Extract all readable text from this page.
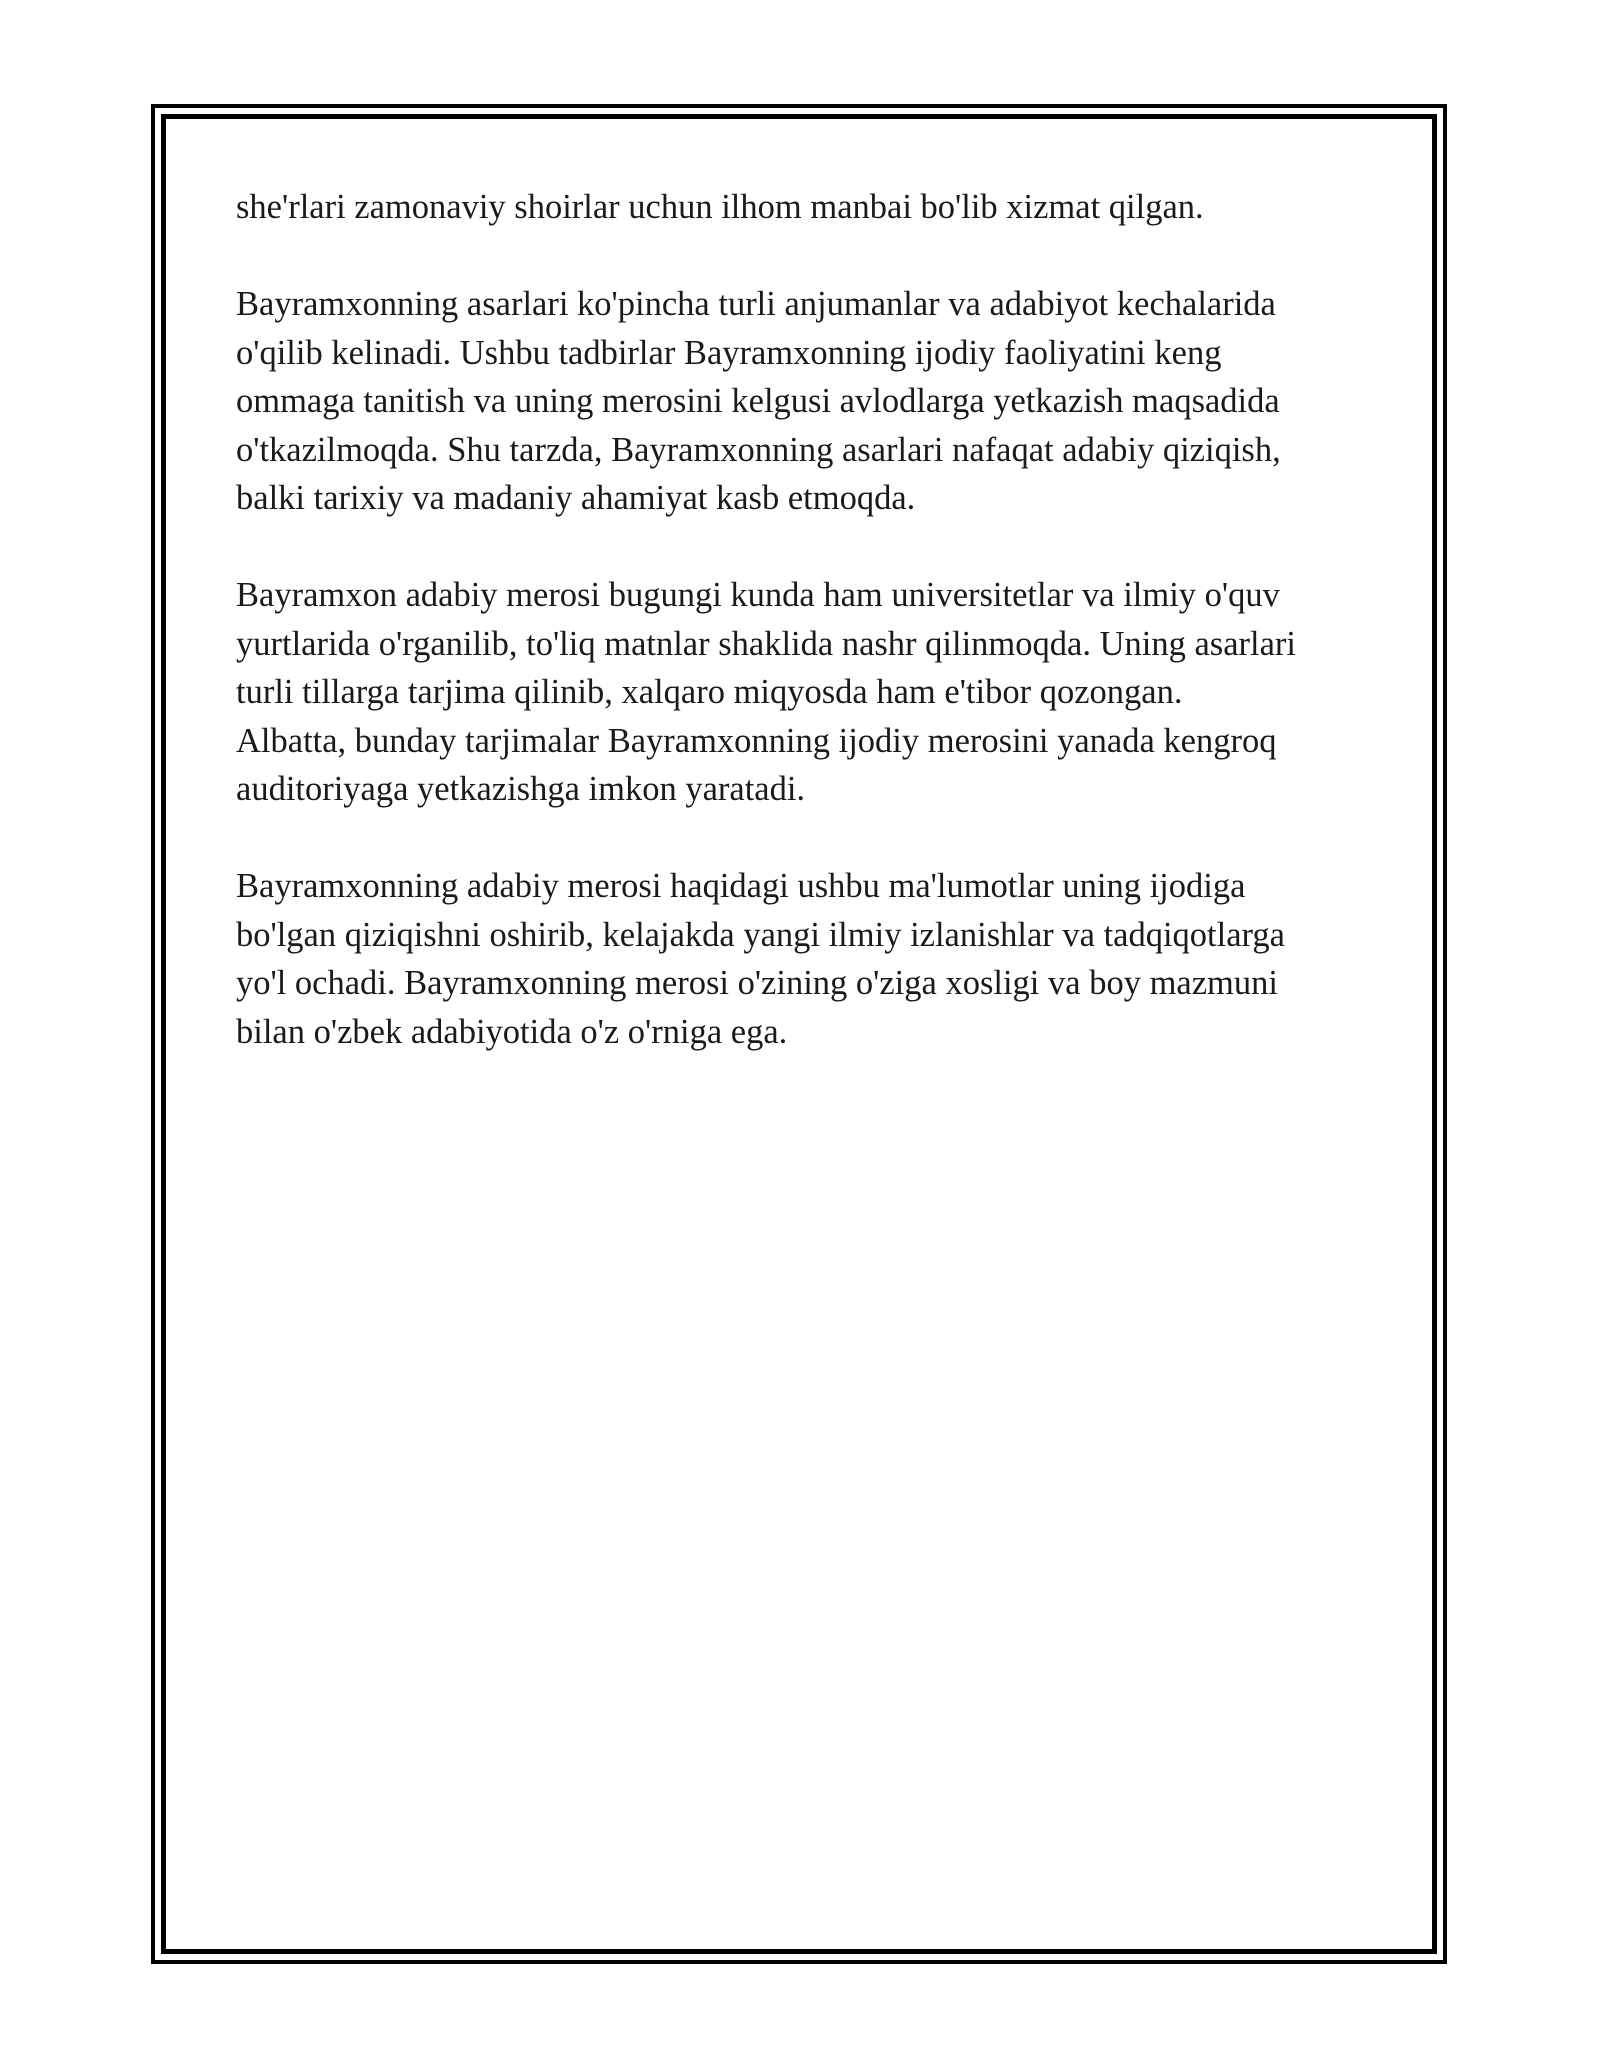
she'rlari zamonaviy shoirlar uchun ilhom manbai bo'lib xizmat qilgan.

Bayramxonning asarlari ko'pincha turli anjumanlar va adabiyot kechalarida
o'qilib kelinadi. Ushbu tadbirlar Bayramxonning ijodiy faoliyatini keng
ommaga tanitish va uning merosini kelgusi avlodlarga yetkazish maqsadida
o'tkazilmoqda. Shu tarzda, Bayramxonning asarlari nafaqat adabiy qiziqish,
balki tarixiy va madaniy ahamiyat kasb etmoqda.

Bayramxon adabiy merosi bugungi kunda ham universitetlar va ilmiy o'quv
yurtlarida o'rganilib, to'liq matnlar shaklida nashr qilinmoqda. Uning asarlari
turli tillarga tarjima qilinib, xalqaro miqyosda ham e'tibor qozongan.
Albatta, bunday tarjimalar Bayramxonning ijodiy merosini yanada kengroq
auditoriyaga yetkazishga imkon yaratadi.

Bayramxonning adabiy merosi haqidagi ushbu ma'lumotlar uning ijodiga
bo'lgan qiziqishni oshirib, kelajakda yangi ilmiy izlanishlar va tadqiqotlarga
yo'l ochadi. Bayramxonning merosi o'zining o'ziga xosligi va boy mazmuni
bilan o'zbek adabiyotida o'z o'rniga ega.
